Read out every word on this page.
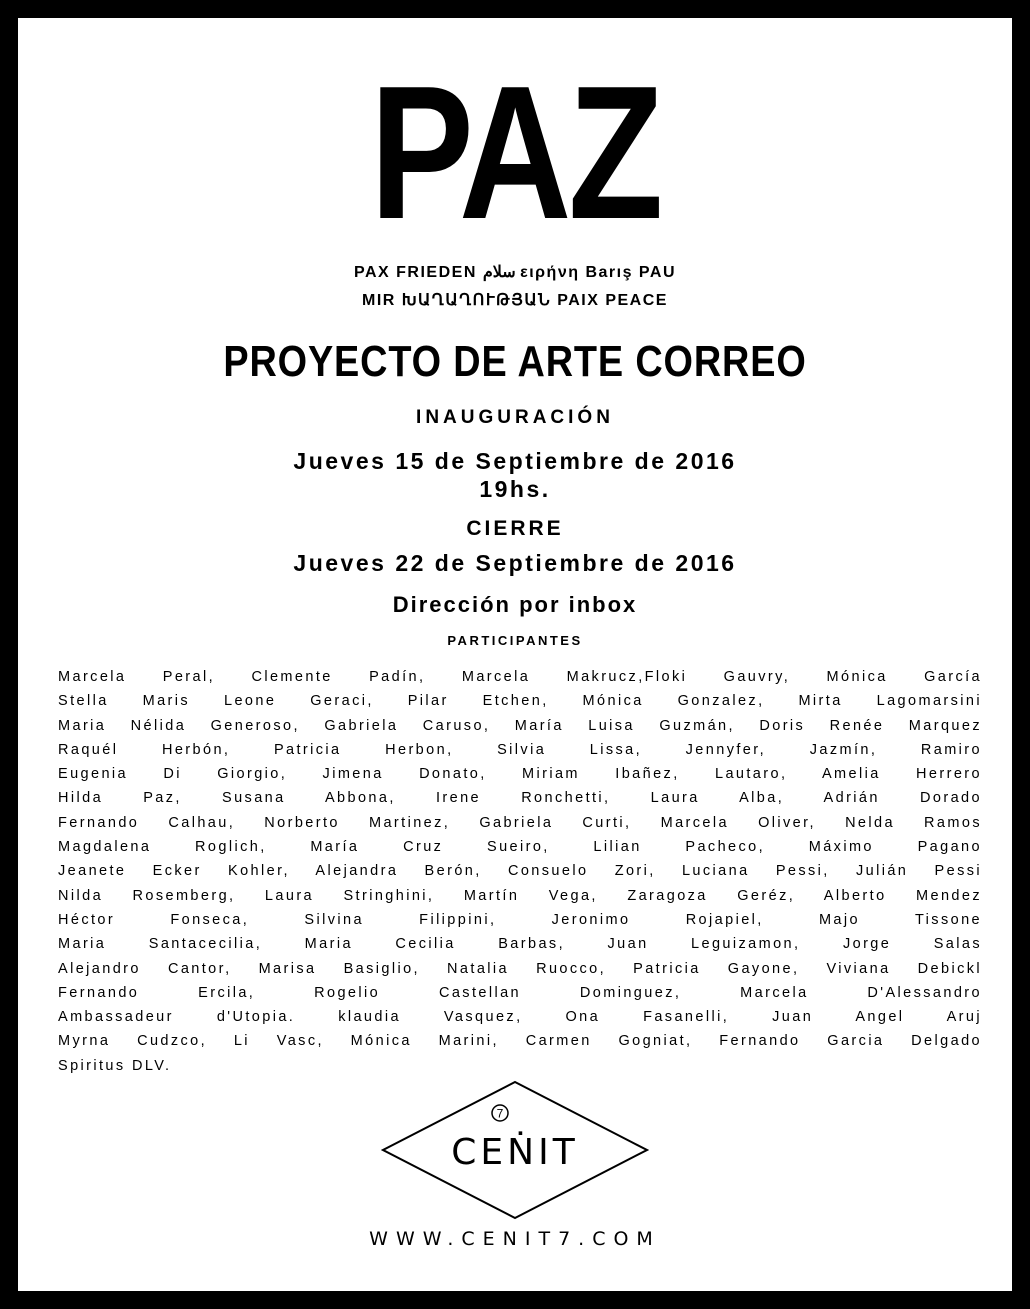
PAZ
PAX FRIEDEN سلام ειρήνη Barış PAU
MIR ԽԱՂԱՂՈՒԹՅԱՆ PAIX PEACE
PROYECTO DE ARTE CORREO
INAUGURACIÓN
Jueves 15 de Septiembre de 2016
19hs.
CIERRE
Jueves 22 de Septiembre de 2016
Dirección por inbox
PARTICIPANTES
Marcela Peral, Clemente Padín, Marcela Makrucz,Floki Gauvry, Mónica García
Stella Maris Leone Geraci, Pilar Etchen, Mónica Gonzalez, Mirta Lagomarsini
Maria Nélida Generoso, Gabriela Caruso, María Luisa Guzmán, Doris Renée Marquez
Raquél Herbón, Patricia Herbon, Silvia Lissa, Jennyfer, Jazmín, Ramiro
Eugenia Di Giorgio, Jimena Donato, Miriam Ibañez, Lautaro, Amelia Herrero
Hilda Paz, Susana Abbona, Irene Ronchetti, Laura Alba, Adrián Dorado
Fernando Calhau, Norberto Martinez, Gabriela Curti, Marcela Oliver, Nelda Ramos
Magdalena Roglich, María Cruz Sueiro, Lilian Pacheco, Máximo Pagano
Jeanete Ecker Kohler, Alejandra Berón, Consuelo Zori, Luciana Pessi, Julián Pessi
Nilda Rosemberg, Laura Stringhini, Martín Vega, Zaragoza Geréz, Alberto Mendez
Héctor Fonseca, Silvina Filippini, Jeronimo Rojapiel, Majo Tissone
Maria Santacecilia, Maria Cecilia Barbas, Juan Leguizamon, Jorge Salas
Alejandro Cantor, Marisa Basiglio, Natalia Ruocco, Patricia Gayone, Viviana Debickl
Fernando Ercila, Rogelio Castellan Dominguez, Marcela D'Alessandro
Ambassadeur d'Utopia. klaudia Vasquez, Ona Fasanelli, Juan Angel Aruj
Myrna Cudzco, Li Vasc, Mónica Marini, Carmen Gogniat, Fernando Garcia Delgado
Spiritus DLV.
7
CEṄIT
WWW.CENIT7.COM
